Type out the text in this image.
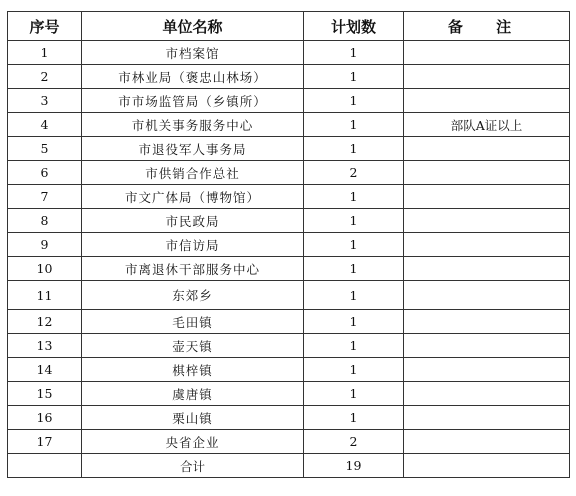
序号	单位名称	计划数	备 注
1	市档案馆	1	
2	市林业局（褒忠山林场）	1	
3	市市场监管局（乡镇所）	1	
4	市机关事务服务中心	1	部队A证以上
5	市退役军人事务局	1	
6	市供销合作总社	2	
7	市文广体局（博物馆）	1	
8	市民政局	1	
9	市信访局	1	
10	市离退休干部服务中心	1	
11	东郊乡	1	
12	毛田镇	1	
13	壶天镇	1	
14	棋梓镇	1	
15	虞唐镇	1	
16	栗山镇	1	
17	央省企业	2	
	合计	19	
